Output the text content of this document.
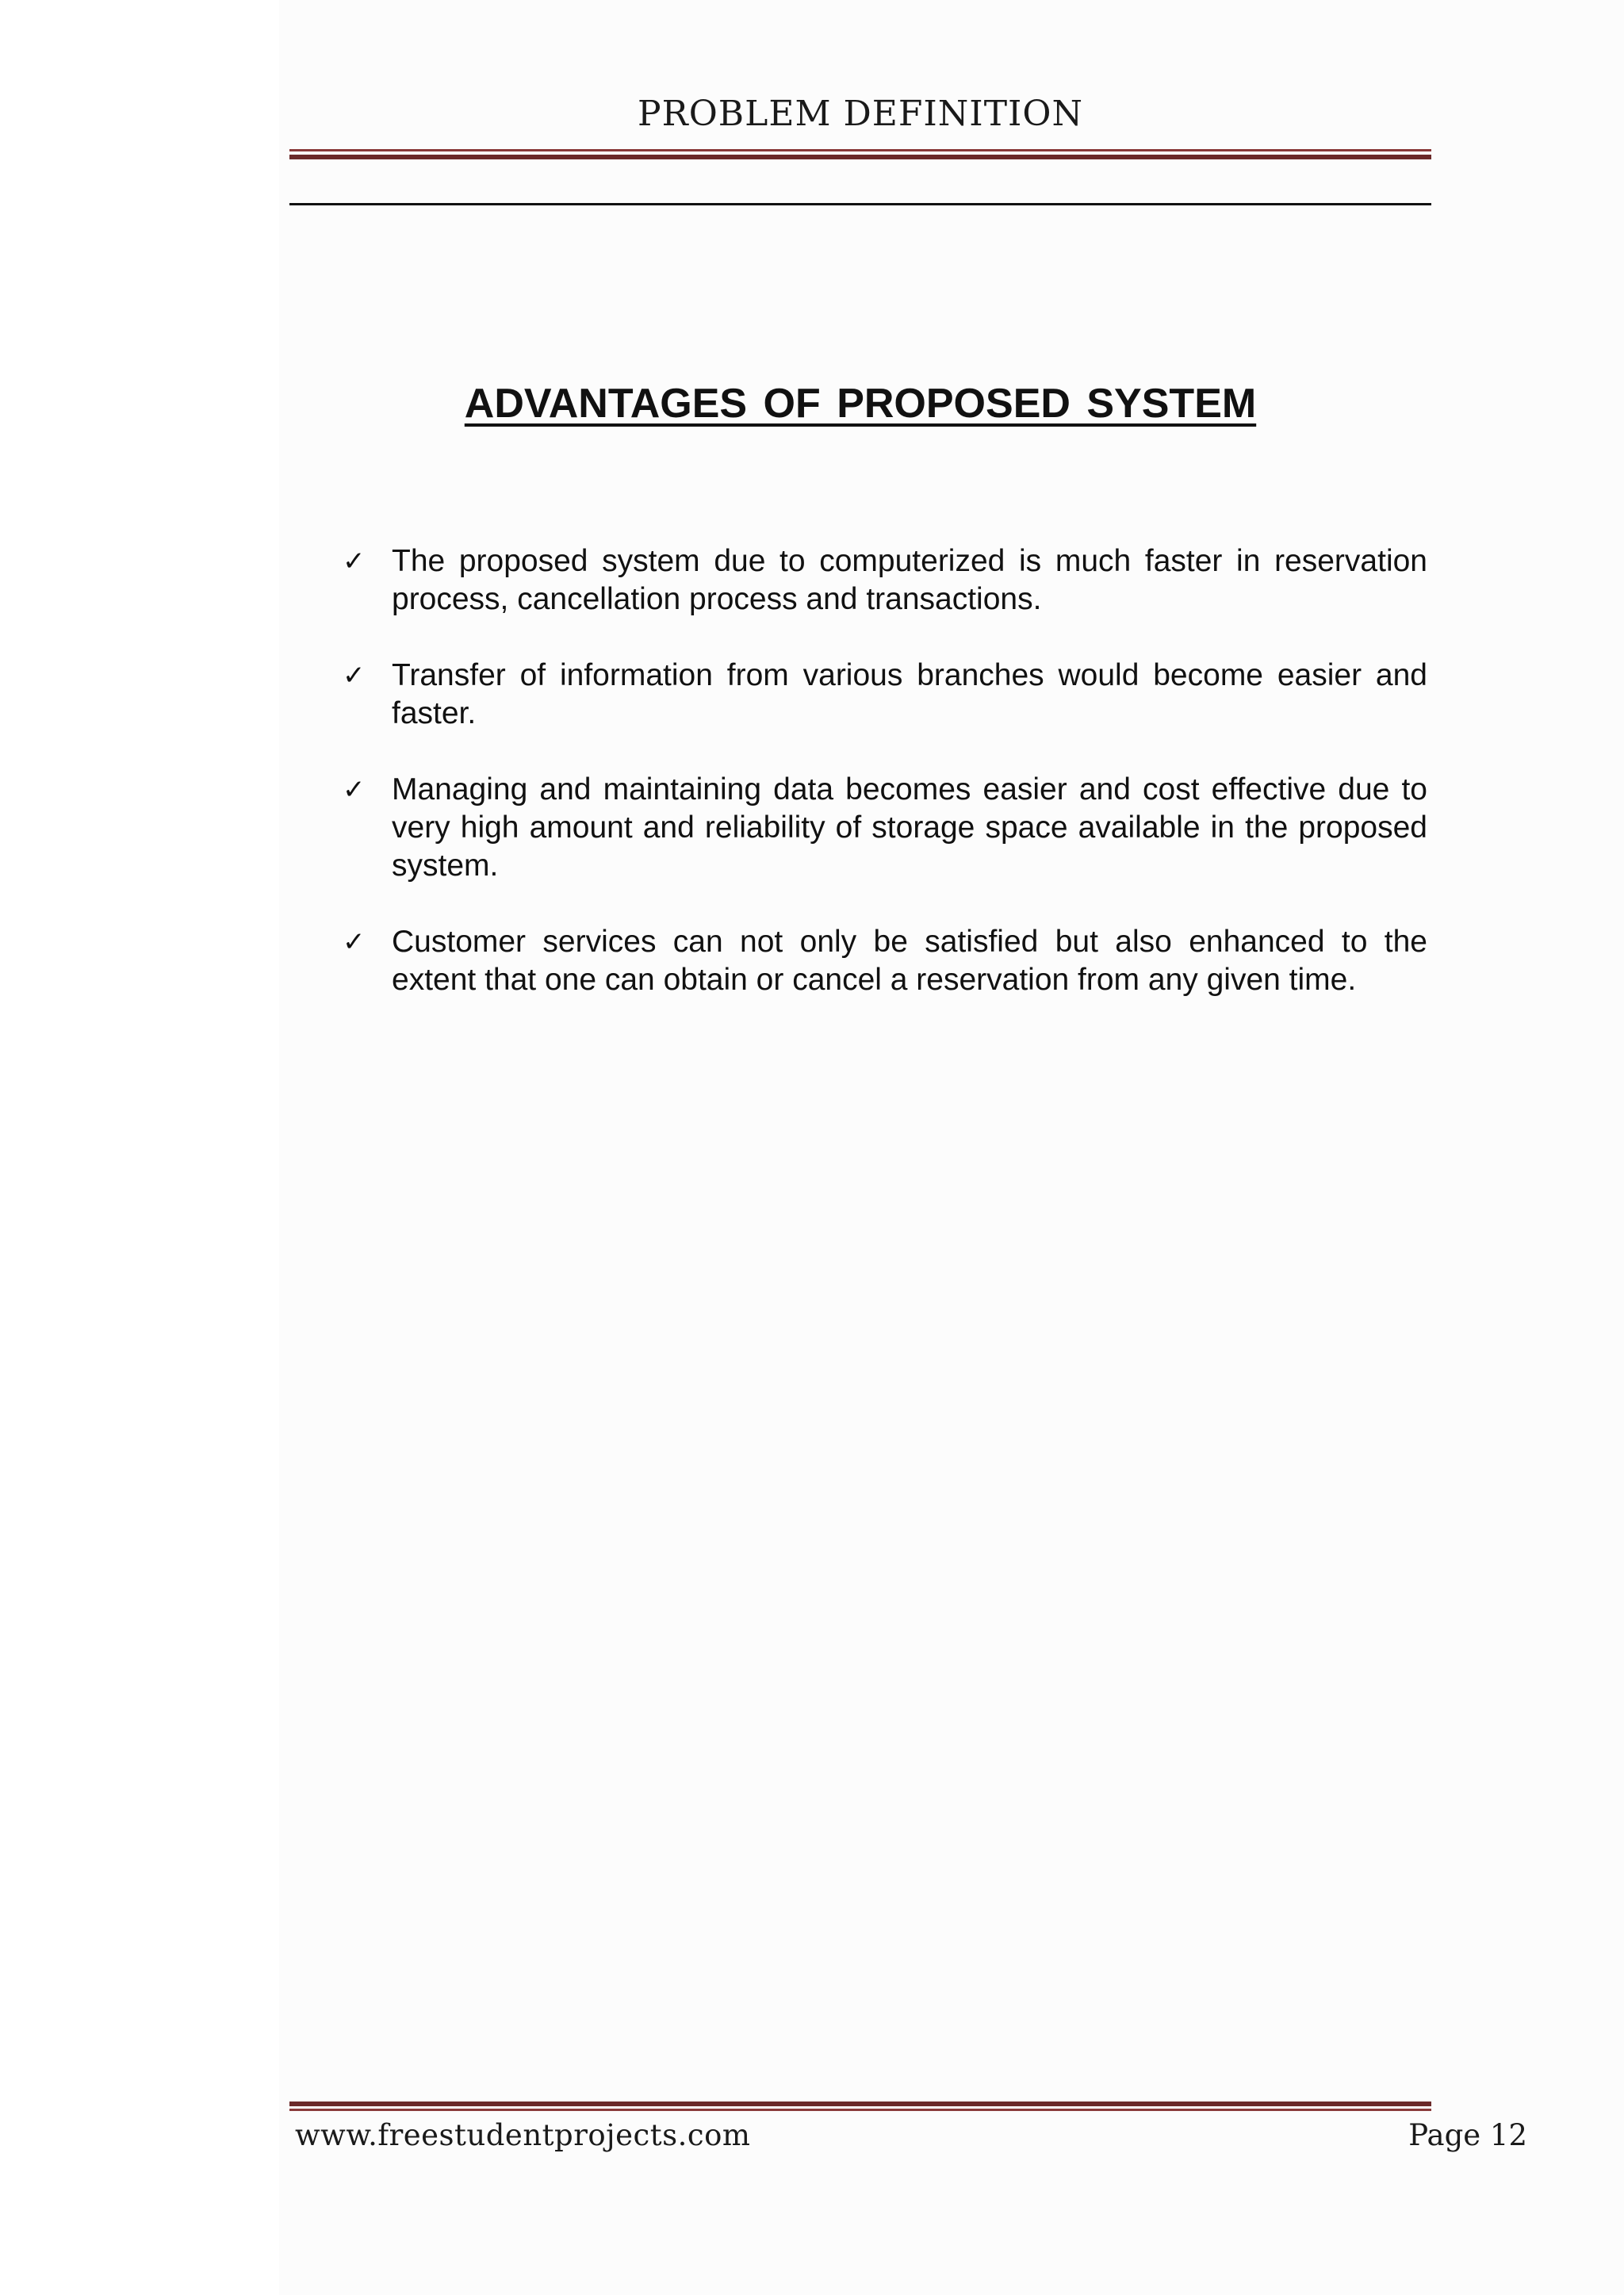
PROBLEM DEFINITION
ADVANTAGES OF PROPOSED SYSTEM
✓ The proposed system due to computerized is much faster in reservation process, cancellation process and transactions.
✓ Transfer of information from various branches would become easier and faster.
✓ Managing and maintaining data becomes easier and cost effective due to very high amount and reliability of storage space available in the proposed system.
✓ Customer services can not only be satisfied but also enhanced to the extent that one can obtain or cancel a reservation from any given time.
www.freestudentprojects.com	Page 12
